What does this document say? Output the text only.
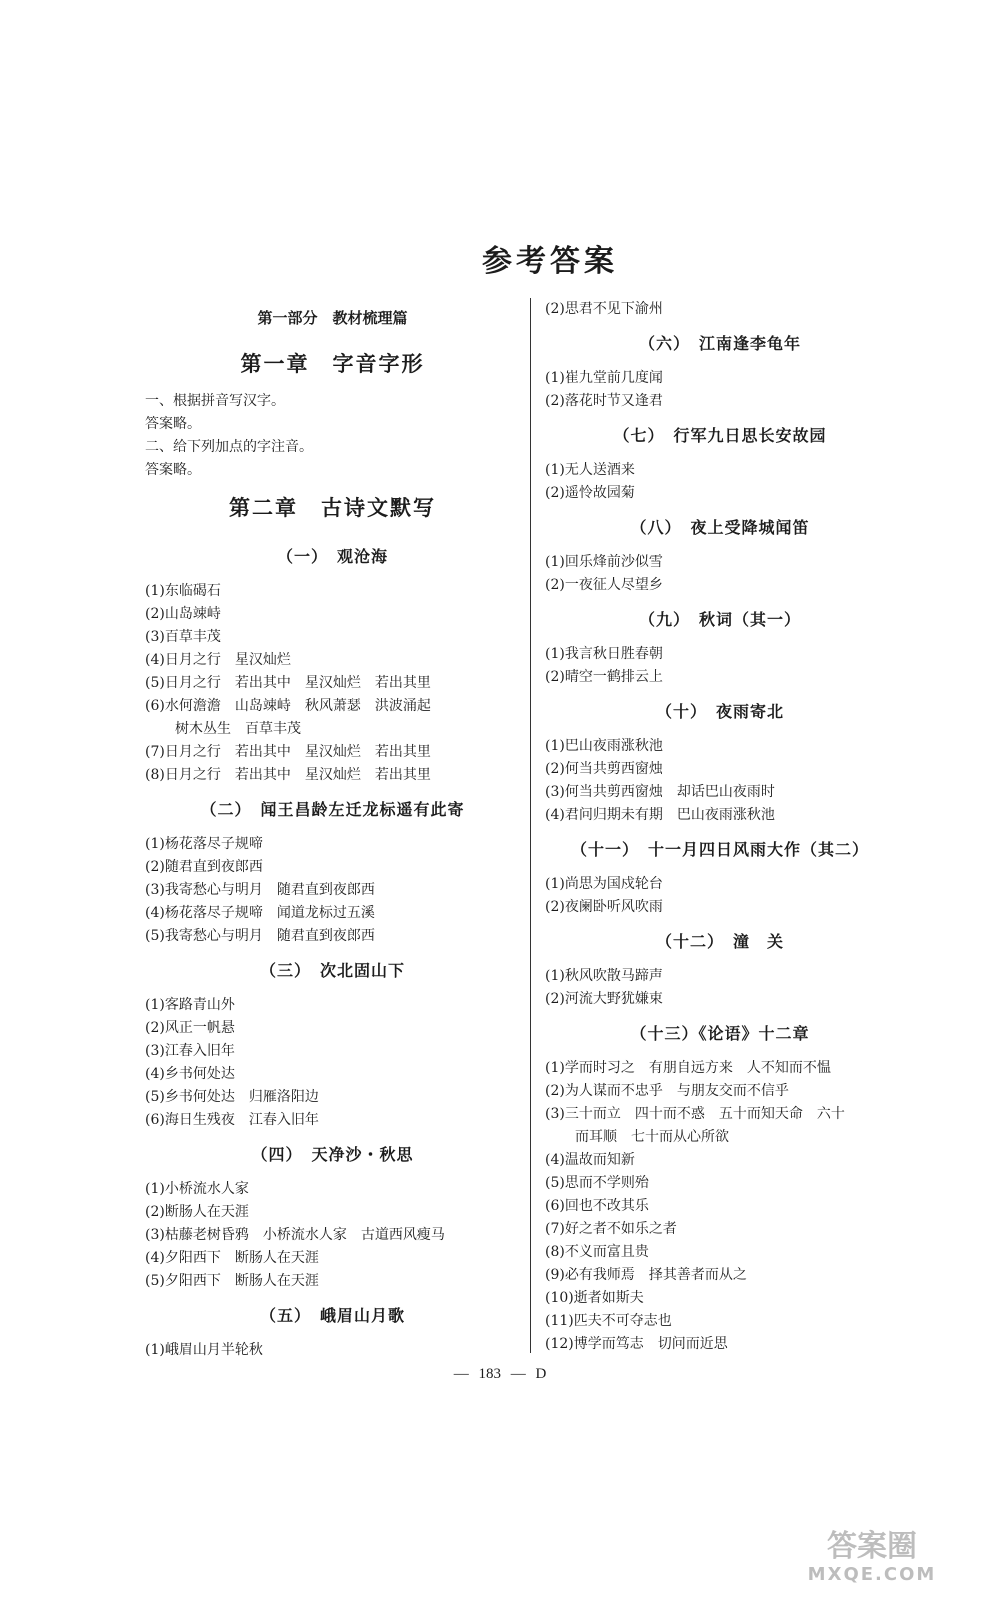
参考答案
第一部分　教材梳理篇
第一章　字音字形
一、根据拼音写汉字。
答案略。
二、给下列加点的字注音。
答案略。
第二章　古诗文默写
（一）　观沧海
(1)东临碣石
(2)山岛竦峙
(3)百草丰茂
(4)日月之行　星汉灿烂
(5)日月之行　若出其中　星汉灿烂　若出其里
(6)水何澹澹　山岛竦峙　秋风萧瑟　洪波涌起
树木丛生　百草丰茂
(7)日月之行　若出其中　星汉灿烂　若出其里
(8)日月之行　若出其中　星汉灿烂　若出其里
（二）　闻王昌龄左迁龙标遥有此寄
(1)杨花落尽子规啼
(2)随君直到夜郎西
(3)我寄愁心与明月　随君直到夜郎西
(4)杨花落尽子规啼　闻道龙标过五溪
(5)我寄愁心与明月　随君直到夜郎西
（三）　次北固山下
(1)客路青山外
(2)风正一帆悬
(3)江春入旧年
(4)乡书何处达
(5)乡书何处达　归雁洛阳边
(6)海日生残夜　江春入旧年
（四）　天净沙・秋思
(1)小桥流水人家
(2)断肠人在天涯
(3)枯藤老树昏鸦　小桥流水人家　古道西风瘦马
(4)夕阳西下　断肠人在天涯
(5)夕阳西下　断肠人在天涯
（五）　峨眉山月歌
(1)峨眉山月半轮秋
(2)思君不见下渝州
（六）　江南逢李龟年
(1)崔九堂前几度闻
(2)落花时节又逢君
（七）　行军九日思长安故园
(1)无人送酒来
(2)遥怜故园菊
（八）　夜上受降城闻笛
(1)回乐烽前沙似雪
(2)一夜征人尽望乡
（九）　秋词（其一）
(1)我言秋日胜春朝
(2)晴空一鹤排云上
（十）　夜雨寄北
(1)巴山夜雨涨秋池
(2)何当共剪西窗烛
(3)何当共剪西窗烛　却话巴山夜雨时
(4)君问归期未有期　巴山夜雨涨秋池
（十一）　十一月四日风雨大作（其二）
(1)尚思为国戍轮台
(2)夜阑卧听风吹雨
（十二）　潼　关
(1)秋风吹散马蹄声
(2)河流大野犹嫌束
（十三）《论语》十二章
(1)学而时习之　有朋自远方来　人不知而不愠
(2)为人谋而不忠乎　与朋友交而不信乎
(3)三十而立　四十而不惑　五十而知天命　六十
而耳顺　七十而从心所欲
(4)温故而知新
(5)思而不学则殆
(6)回也不改其乐
(7)好之者不如乐之者
(8)不义而富且贵
(9)必有我师焉　择其善者而从之
(10)逝者如斯夫
(11)匹夫不可夺志也
(12)博学而笃志　切问而近思
— 183 — D
答案圈
MXQE.COM
